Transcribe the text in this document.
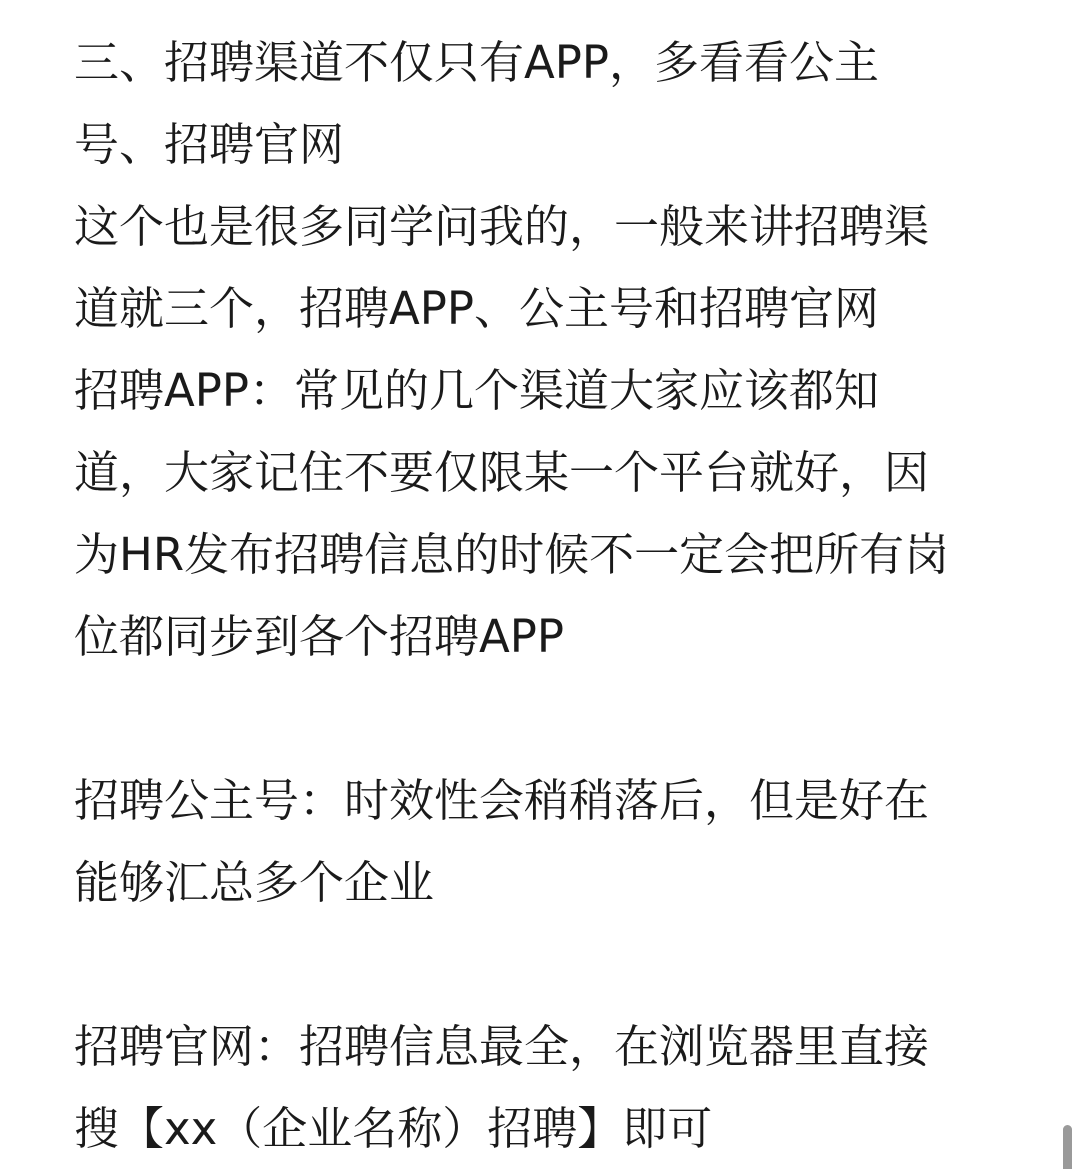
三、招聘渠道不仅只有APP，多看看公主
号、招聘官网
这个也是很多同学问我的，一般来讲招聘渠
道就三个，招聘APP、公主号和招聘官网
招聘APP：常见的几个渠道大家应该都知
道，大家记住不要仅限某一个平台就好，因
为HR发布招聘信息的时候不一定会把所有岗
位都同步到各个招聘APP
招聘公主号：时效性会稍稍落后，但是好在
能够汇总多个企业
招聘官网：招聘信息最全，在浏览器里直接
搜【xx（企业名称）招聘】即可
